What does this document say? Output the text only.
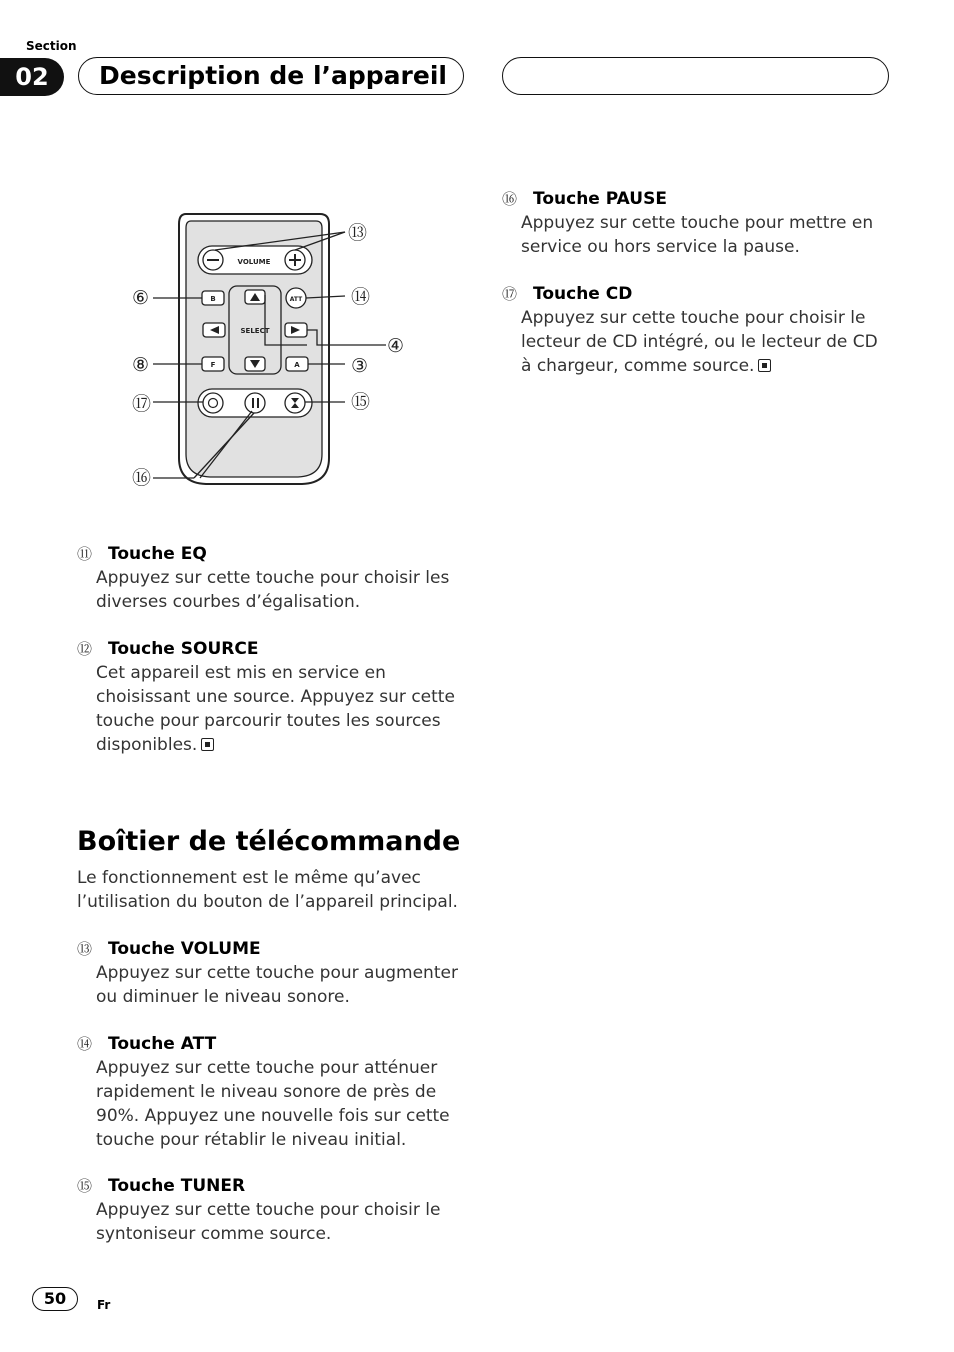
Section
02	Description de l’appareil
VOLUME
SELECT
B
F	A
ATT
⑬
⑭
④
③
⑮
⑥
⑧
⑰
⑯
⑪ Touche EQ
Appuyez sur cette touche pour choisir les diverses courbes d’égalisation.
⑫ Touche SOURCE
Cet appareil est mis en service en choisissant une source. Appuyez sur cette touche pour parcourir toutes les sources disponibles.
Boîtier de télécommande
Le fonctionnement est le même qu’avec l’utilisation du bouton de l’appareil principal.
⑬ Touche VOLUME
Appuyez sur cette touche pour augmenter ou diminuer le niveau sonore.
⑭ Touche ATT
Appuyez sur cette touche pour atténuer rapidement le niveau sonore de près de 90%. Appuyez une nouvelle fois sur cette touche pour rétablir le niveau initial.
⑮ Touche TUNER
Appuyez sur cette touche pour choisir le syntoniseur comme source.
⑯ Touche PAUSE
Appuyez sur cette touche pour mettre en service ou hors service la pause.
⑰ Touche CD
Appuyez sur cette touche pour choisir le lecteur de CD intégré, ou le lecteur de CD à chargeur, comme source.
50	Fr
